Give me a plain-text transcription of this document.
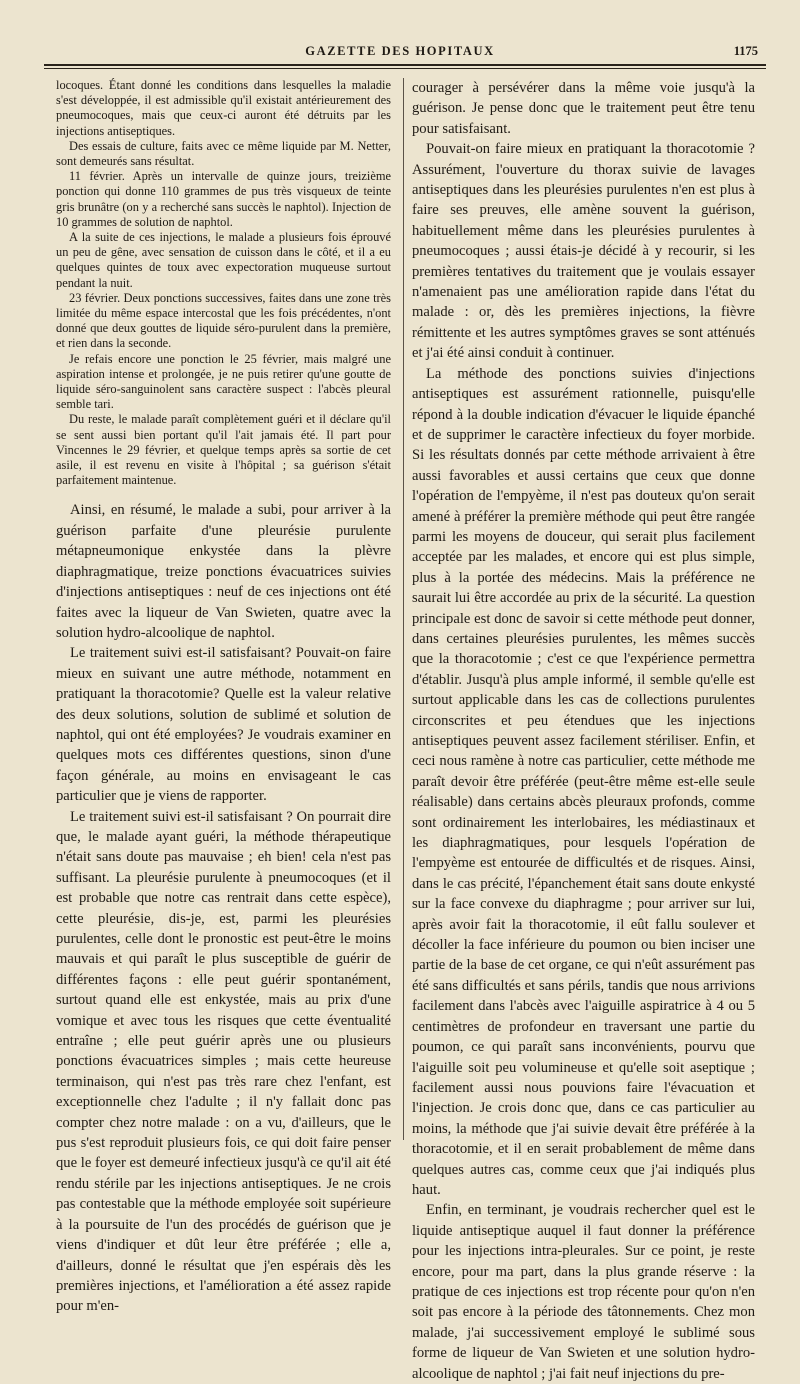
GAZETTE DES HOPITAUX	1175

locoques. Étant donné les conditions dans lesquelles la maladie s'est développée, il est admissible qu'il existait antérieurement des pneumocoques, mais que ceux-ci auront été détruits par les injections antiseptiques.

Des essais de culture, faits avec ce même liquide par M. Netter, sont demeurés sans résultat.

11 février. Après un intervalle de quinze jours, treizième ponction qui donne 110 grammes de pus très visqueux de teinte gris brunâtre (on y a recherché sans succès le naphtol). Injection de 10 grammes de solution de naphtol.

A la suite de ces injections, le malade a plusieurs fois éprouvé un peu de gêne, avec sensation de cuisson dans le côté, et il a eu quelques quintes de toux avec expectoration muqueuse surtout pendant la nuit.

23 février. Deux ponctions successives, faites dans une zone très limitée du même espace intercostal que les fois précédentes, n'ont donné que deux gouttes de liquide séro-purulent dans la première, et rien dans la seconde.

Je refais encore une ponction le 25 février, mais malgré une aspiration intense et prolongée, je ne puis retirer qu'une goutte de liquide séro-sanguinolent sans caractère suspect : l'abcès pleural semble tari.

Du reste, le malade paraît complètement guéri et il déclare qu'il se sent aussi bien portant qu'il l'ait jamais été. Il part pour Vincennes le 29 février, et quelque temps après sa sortie de cet asile, il est revenu en visite à l'hôpital ; sa guérison s'était parfaitement maintenue.

Ainsi, en résumé, le malade a subi, pour arriver à la guérison parfaite d'une pleurésie purulente métapneumonique enkystée dans la plèvre diaphragmatique, treize ponctions évacuatrices suivies d'injections antiseptiques : neuf de ces injections ont été faites avec la liqueur de Van Swieten, quatre avec la solution hydro-alcoolique de naphtol.

Le traitement suivi est-il satisfaisant? Pouvait-on faire mieux en suivant une autre méthode, notamment en pratiquant la thoracotomie? Quelle est la valeur relative des deux solutions, solution de sublimé et solution de naphtol, qui ont été employées? Je voudrais examiner en quelques mots ces différentes questions, sinon d'une façon générale, au moins en envisageant le cas particulier que je viens de rapporter.

Le traitement suivi est-il satisfaisant ? On pourrait dire que, le malade ayant guéri, la méthode thérapeutique n'était sans doute pas mauvaise ; eh bien! cela n'est pas suffisant. La pleurésie purulente à pneumocoques (et il est probable que notre cas rentrait dans cette espèce), cette pleurésie, dis-je, est, parmi les pleurésies purulentes, celle dont le pronostic est peut-être le moins mauvais et qui paraît le plus susceptible de guérir de différentes façons : elle peut guérir spontanément, surtout quand elle est enkystée, mais au prix d'une vomique et avec tous les risques que cette éventualité entraîne ; elle peut guérir après une ou plusieurs ponctions évacuatrices simples ; mais cette heureuse terminaison, qui n'est pas très rare chez l'enfant, est exceptionnelle chez l'adulte ; il n'y fallait donc pas compter chez notre malade : on a vu, d'ailleurs, que le pus s'est reproduit plusieurs fois, ce qui doit faire penser que le foyer est demeuré infectieux jusqu'à ce qu'il ait été rendu stérile par les injections antiseptiques. Je ne crois pas contestable que la méthode employée soit supérieure à la poursuite de l'un des procédés de guérison que je viens d'indiquer et dût leur être préférée ; elle a, d'ailleurs, donné le résultat que j'en espérais dès les premières injections, et l'amélioration a été assez rapide pour m'en-

courager à persévérer dans la même voie jusqu'à la guérison. Je pense donc que le traitement peut être tenu pour satisfaisant.

Pouvait-on faire mieux en pratiquant la thoracotomie ? Assurément, l'ouverture du thorax suivie de lavages antiseptiques dans les pleurésies purulentes n'en est plus à faire ses preuves, elle amène souvent la guérison, habituellement même dans les pleurésies purulentes à pneumocoques ; aussi étais-je décidé à y recourir, si les premières tentatives du traitement que je voulais essayer n'amenaient pas une amélioration rapide dans l'état du malade : or, dès les premières injections, la fièvre rémittente et les autres symptômes graves se sont atténués et j'ai été ainsi conduit à continuer.

La méthode des ponctions suivies d'injections antiseptiques est assurément rationnelle, puisqu'elle répond à la double indication d'évacuer le liquide épanché et de supprimer le caractère infectieux du foyer morbide. Si les résultats donnés par cette méthode arrivaient à être aussi favorables et aussi certains que ceux que donne l'opération de l'empyème, il n'est pas douteux qu'on serait amené à préférer la première méthode qui peut être rangée parmi les moyens de douceur, qui serait plus facilement acceptée par les malades, et encore qui est plus simple, plus à la portée des médecins. Mais la préférence ne saurait lui être accordée au prix de la sécurité. La question principale est donc de savoir si cette méthode peut donner, dans certaines pleurésies purulentes, les mêmes succès que la thoracotomie ; c'est ce que l'expérience permettra d'établir. Jusqu'à plus ample informé, il semble qu'elle est surtout applicable dans les cas de collections purulentes circonscrites et peu étendues que les injections antiseptiques peuvent assez facilement stériliser. Enfin, et ceci nous ramène à notre cas particulier, cette méthode me paraît devoir être préférée (peut-être même est-elle seule réalisable) dans certains abcès pleuraux profonds, comme sont ordinairement les interlobaires, les médiastinaux et les diaphragmatiques, pour lesquels l'opération de l'empyème est entourée de difficultés et de risques. Ainsi, dans le cas précité, l'épanchement était sans doute enkysté sur la face convexe du diaphragme ; pour arriver sur lui, après avoir fait la thoracotomie, il eût fallu soulever et décoller la face inférieure du poumon ou bien inciser une partie de la base de cet organe, ce qui n'eût assurément pas été sans difficultés et sans périls, tandis que nous arrivions facilement dans l'abcès avec l'aiguille aspiratrice à 4 ou 5 centimètres de profondeur en traversant une partie du poumon, ce qui paraît sans inconvénients, pourvu que l'aiguille soit peu volumineuse et qu'elle soit aseptique ; facilement aussi nous pouvions faire l'évacuation et l'injection. Je crois donc que, dans ce cas particulier au moins, la méthode que j'ai suivie devait être préférée à la thoracotomie, et il en serait probablement de même dans quelques autres cas, comme ceux que j'ai indiqués plus haut.

Enfin, en terminant, je voudrais rechercher quel est le liquide antiseptique auquel il faut donner la préférence pour les injections intra-pleurales. Sur ce point, je reste encore, pour ma part, dans la plus grande réserve : la pratique de ces injections est trop récente pour qu'on n'en soit pas encore à la période des tâtonnements. Chez mon malade, j'ai successivement employé le sublimé sous forme de liqueur de Van Swieten et une solution hydro-alcoolique de naphtol ; j'ai fait neuf injections du pre-
